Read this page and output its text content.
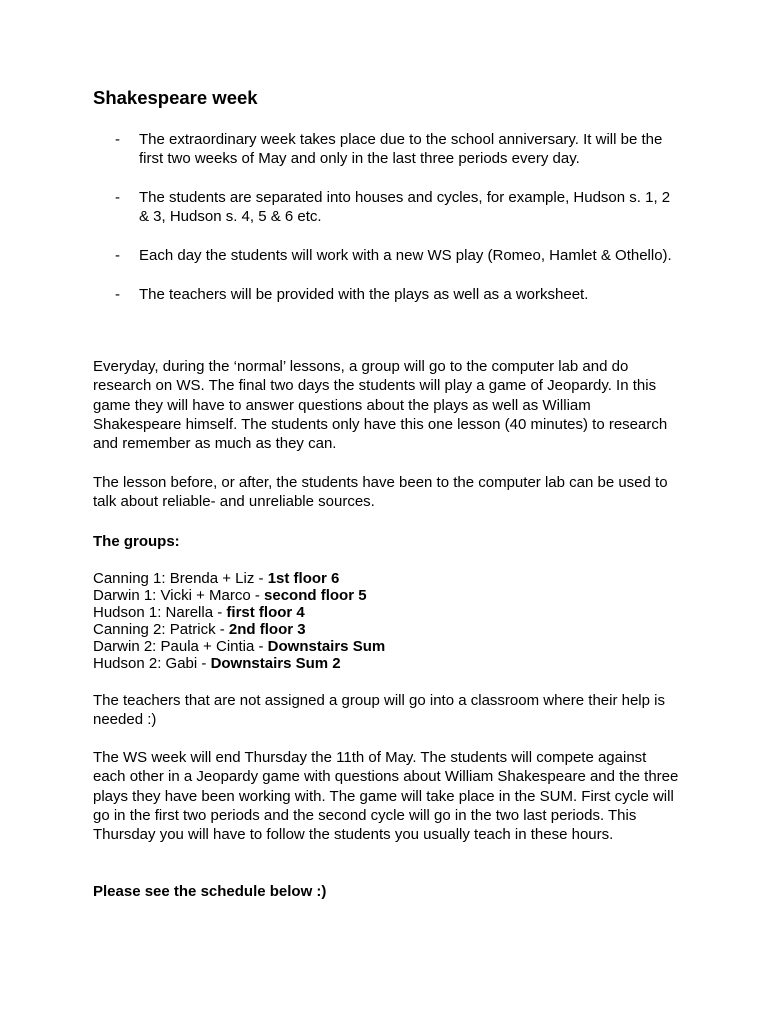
Shakespeare week
- The extraordinary week takes place due to the school anniversary. It will be the first two weeks of May and only in the last three periods every day.
- The students are separated into houses and cycles, for example, Hudson s. 1, 2 & 3, Hudson s. 4, 5 & 6 etc.
- Each day the students will work with a new WS play (Romeo, Hamlet & Othello).
- The teachers will be provided with the plays as well as a worksheet.

Everyday, during the ‘normal’ lessons, a group will go to the computer lab and do research on WS. The final two days the students will play a game of Jeopardy. In this game they will have to answer questions about the plays as well as William Shakespeare himself. The students only have this one lesson (40 minutes) to research and remember as much as they can.

The lesson before, or after, the students have been to the computer lab can be used to talk about reliable- and unreliable sources.

The groups:

Canning 1: Brenda + Liz - 1st floor 6
Darwin 1: Vicki + Marco - second floor 5
Hudson 1: Narella - first floor 4
Canning 2: Patrick - 2nd floor 3
Darwin 2: Paula + Cintia - Downstairs Sum
Hudson 2: Gabi - Downstairs Sum 2

The teachers that are not assigned a group will go into a classroom where their help is needed :)

The WS week will end Thursday the 11th of May. The students will compete against each other in a Jeopardy game with questions about William Shakespeare and the three plays they have been working with. The game will take place in the SUM. First cycle will go in the first two periods and the second cycle will go in the two last periods. This Thursday you will have to follow the students you usually teach in these hours.

Please see the schedule below :)
